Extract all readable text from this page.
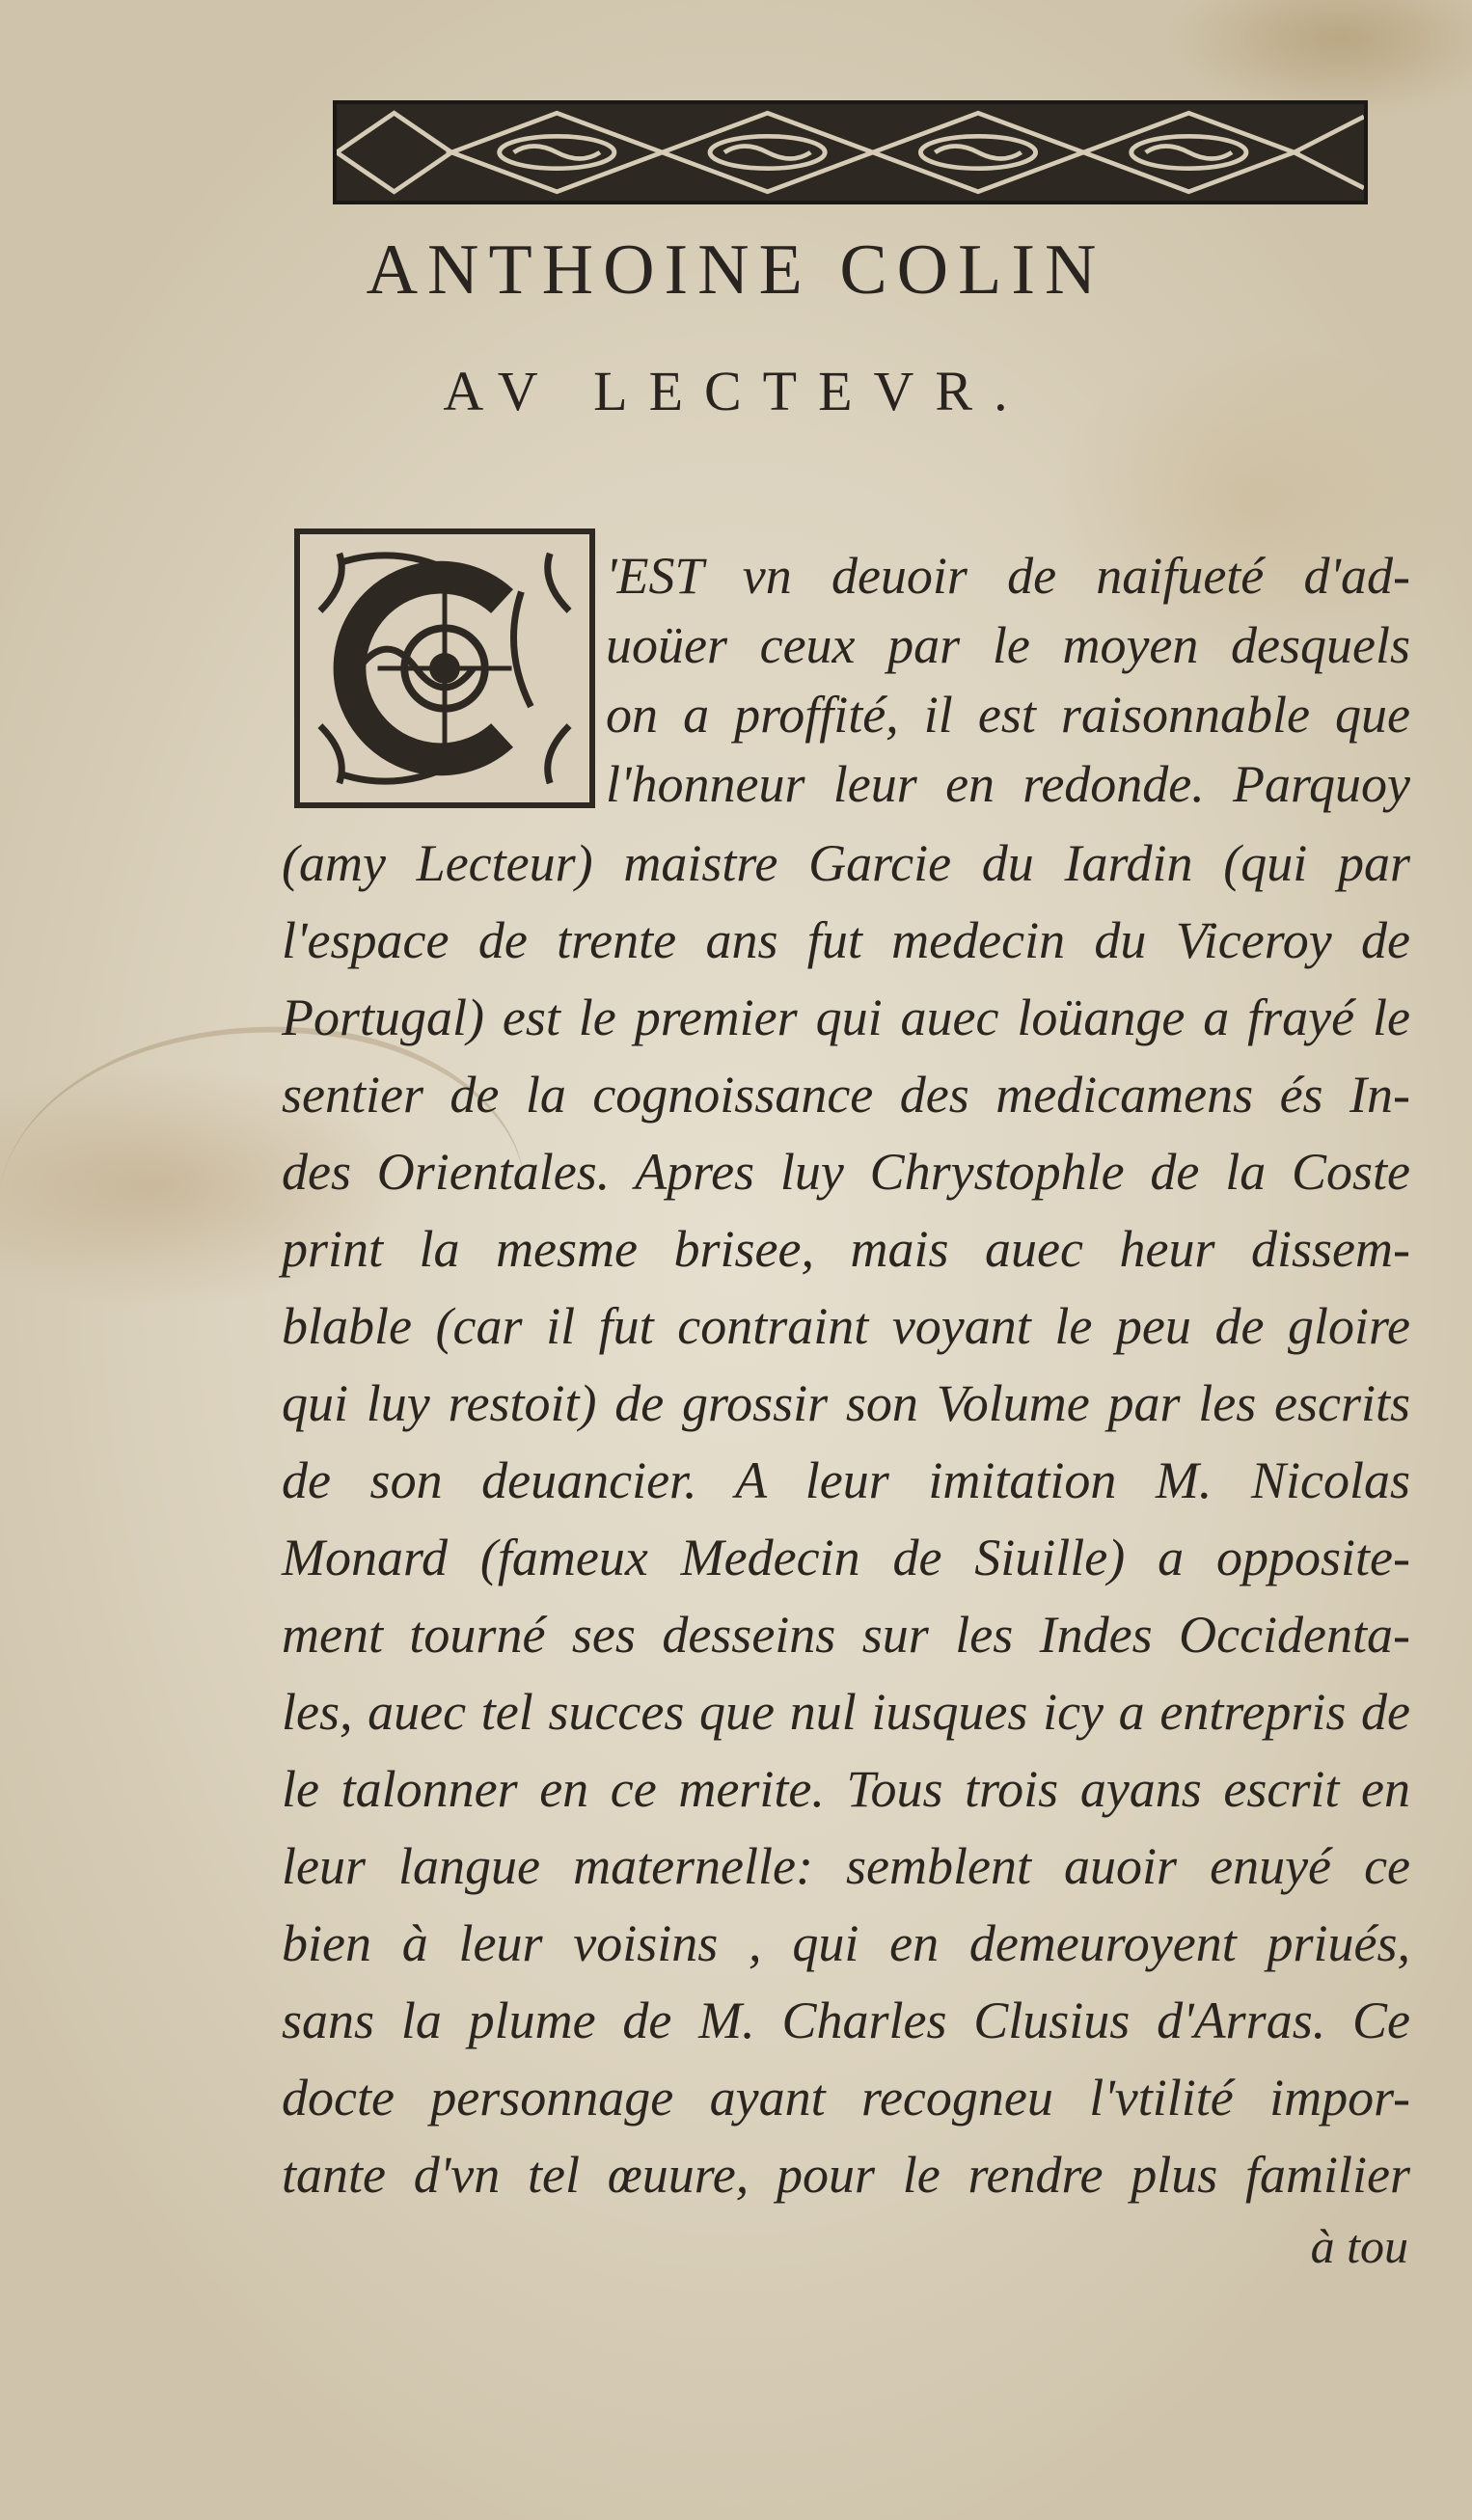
ANTHOINE COLIN
AV LECTEVR.

'EST vn deuoir de naifueté d'ad-

uoüer ceux par le moyen desquels

on a proffité, il est raisonnable que

l'honneur leur en redonde. Parquoy

(amy Lecteur) maistre Garcie du Iardin (qui par

l'espace de trente ans fut medecin du Viceroy de

Portugal) est le premier qui auec loüange a frayé le

sentier de la cognoissance des medicamens és In-

des Orientales. Apres luy Chrystophle de la Coste

print la mesme brisee, mais auec heur dissem-

blable (car il fut contraint voyant le peu de gloire

qui luy restoit) de grossir son Volume par les escrits

de son deuancier. A leur imitation M. Nicolas

Monard (fameux Medecin de Siuille) a opposite-

ment tourné ses desseins sur les Indes Occidenta-

les, auec tel succes que nul iusques icy a entrepris de

le talonner en ce merite. Tous trois ayans escrit en

leur langue maternelle: semblent auoir enuyé ce

bien à leur voisins , qui en demeuroyent priués,

sans la plume de M. Charles Clusius d'Arras. Ce

docte personnage ayant recogneu l'vtilité impor-

tante d'vn tel œuure, pour le rendre plus familier

à tou
